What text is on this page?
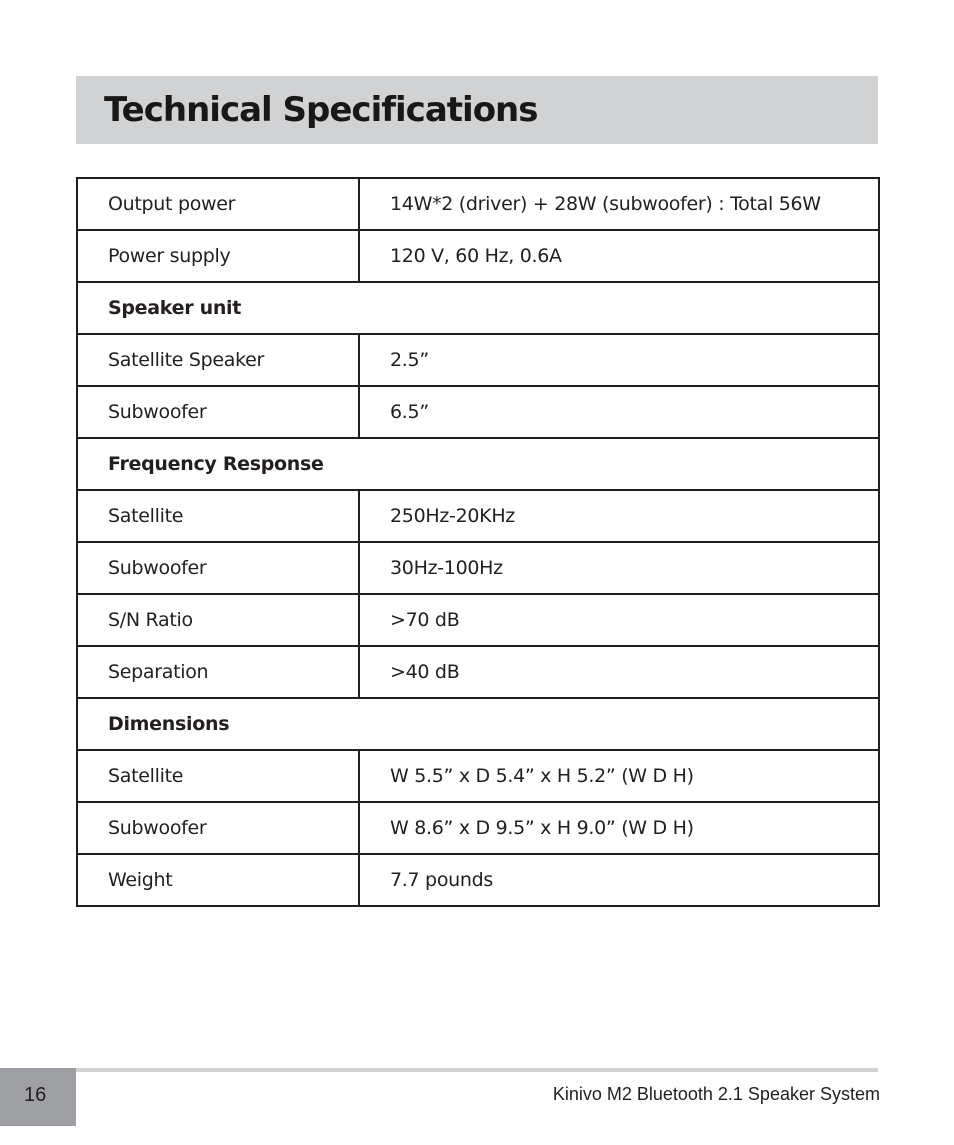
Technical Specifications
Output power	14W*2 (driver) + 28W (subwoofer) : Total 56W
Power supply	120 V, 60 Hz, 0.6A
Speaker unit	
Satellite Speaker	2.5”
Subwoofer	6.5”
Frequency Response	
Satellite	250Hz-20KHz
Subwoofer	30Hz-100Hz
S/N Ratio	>70 dB
Separation	>40 dB
Dimensions	
Satellite	W 5.5” x D 5.4” x H 5.2” (W D H)
Subwoofer	W 8.6” x D 9.5” x H 9.0” (W D H)
Weight	7.7 pounds
16	Kinivo M2 Bluetooth 2.1 Speaker System
